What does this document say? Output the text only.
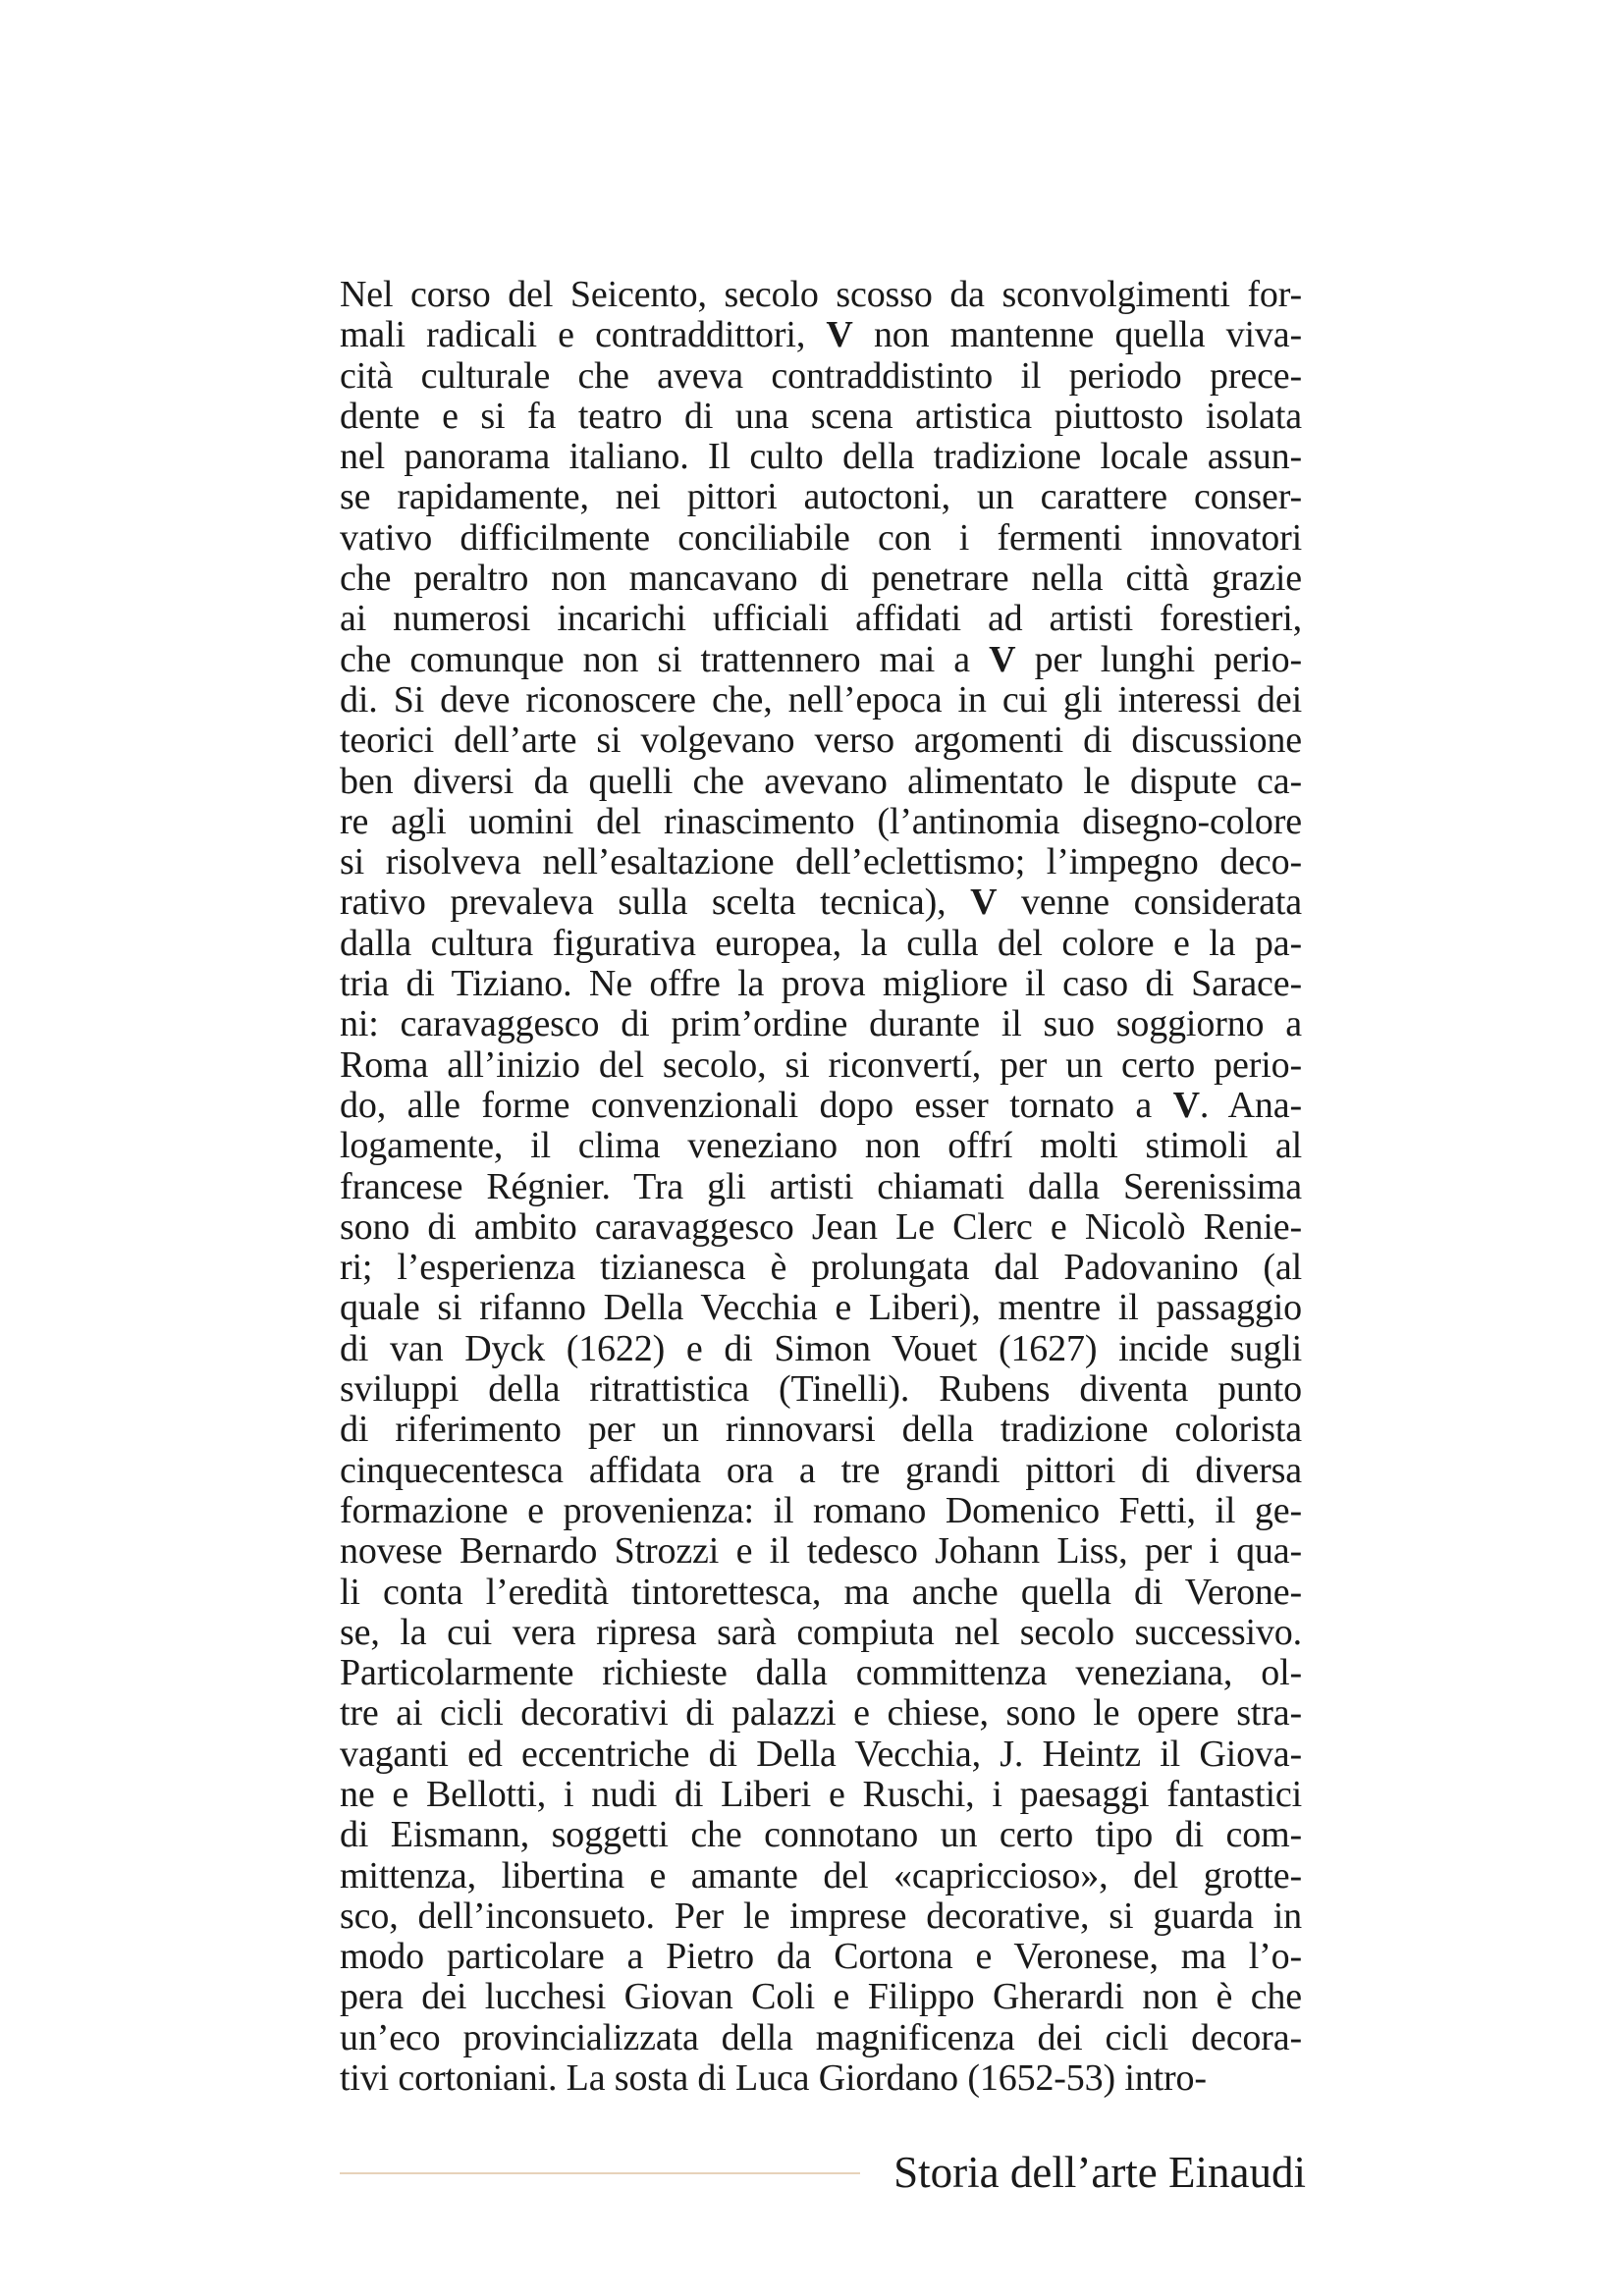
Nel corso del Seicento, secolo scosso da sconvolgimenti for-
mali radicali e contraddittori, V non mantenne quella viva-
cità culturale che aveva contraddistinto il periodo prece-
dente e si fa teatro di una scena artistica piuttosto isolata
nel panorama italiano. Il culto della tradizione locale assun-
se rapidamente, nei pittori autoctoni, un carattere conser-
vativo difficilmente conciliabile con i fermenti innovatori
che peraltro non mancavano di penetrare nella città grazie
ai numerosi incarichi ufficiali affidati ad artisti forestieri,
che comunque non si trattennero mai a V per lunghi perio-
di. Si deve riconoscere che, nell’epoca in cui gli interessi dei
teorici dell’arte si volgevano verso argomenti di discussione
ben diversi da quelli che avevano alimentato le dispute ca-
re agli uomini del rinascimento (l’antinomia disegno-colore
si risolveva nell’esaltazione dell’eclettismo; l’impegno deco-
rativo prevaleva sulla scelta tecnica), V venne considerata
dalla cultura figurativa europea, la culla del colore e la pa-
tria di Tiziano. Ne offre la prova migliore il caso di Sarace-
ni: caravaggesco di prim’ordine durante il suo soggiorno a
Roma all’inizio del secolo, si riconvertí, per un certo perio-
do, alle forme convenzionali dopo esser tornato a V. Ana-
logamente, il clima veneziano non offrí molti stimoli al
francese Régnier. Tra gli artisti chiamati dalla Serenissima
sono di ambito caravaggesco Jean Le Clerc e Nicolò Renie-
ri; l’esperienza tizianesca è prolungata dal Padovanino (al
quale si rifanno Della Vecchia e Liberi), mentre il passaggio
di van Dyck (1622) e di Simon Vouet (1627) incide sugli
sviluppi della ritrattistica (Tinelli). Rubens diventa punto
di riferimento per un rinnovarsi della tradizione colorista
cinquecentesca affidata ora a tre grandi pittori di diversa
formazione e provenienza: il romano Domenico Fetti, il ge-
novese Bernardo Strozzi e il tedesco Johann Liss, per i qua-
li conta l’eredità tintorettesca, ma anche quella di Verone-
se, la cui vera ripresa sarà compiuta nel secolo successivo.
Particolarmente richieste dalla committenza veneziana, ol-
tre ai cicli decorativi di palazzi e chiese, sono le opere stra-
vaganti ed eccentriche di Della Vecchia, J. Heintz il Giova-
ne e Bellotti, i nudi di Liberi e Ruschi, i paesaggi fantastici
di Eismann, soggetti che connotano un certo tipo di com-
mittenza, libertina e amante del «capriccioso», del grotte-
sco, dell’inconsueto. Per le imprese decorative, si guarda in
modo particolare a Pietro da Cortona e Veronese, ma l’o-
pera dei lucchesi Giovan Coli e Filippo Gherardi non è che
un’eco provincializzata della magnificenza dei cicli decora-
tivi cortoniani. La sosta di Luca Giordano (1652-53) intro-
Storia dell’arte Einaudi
